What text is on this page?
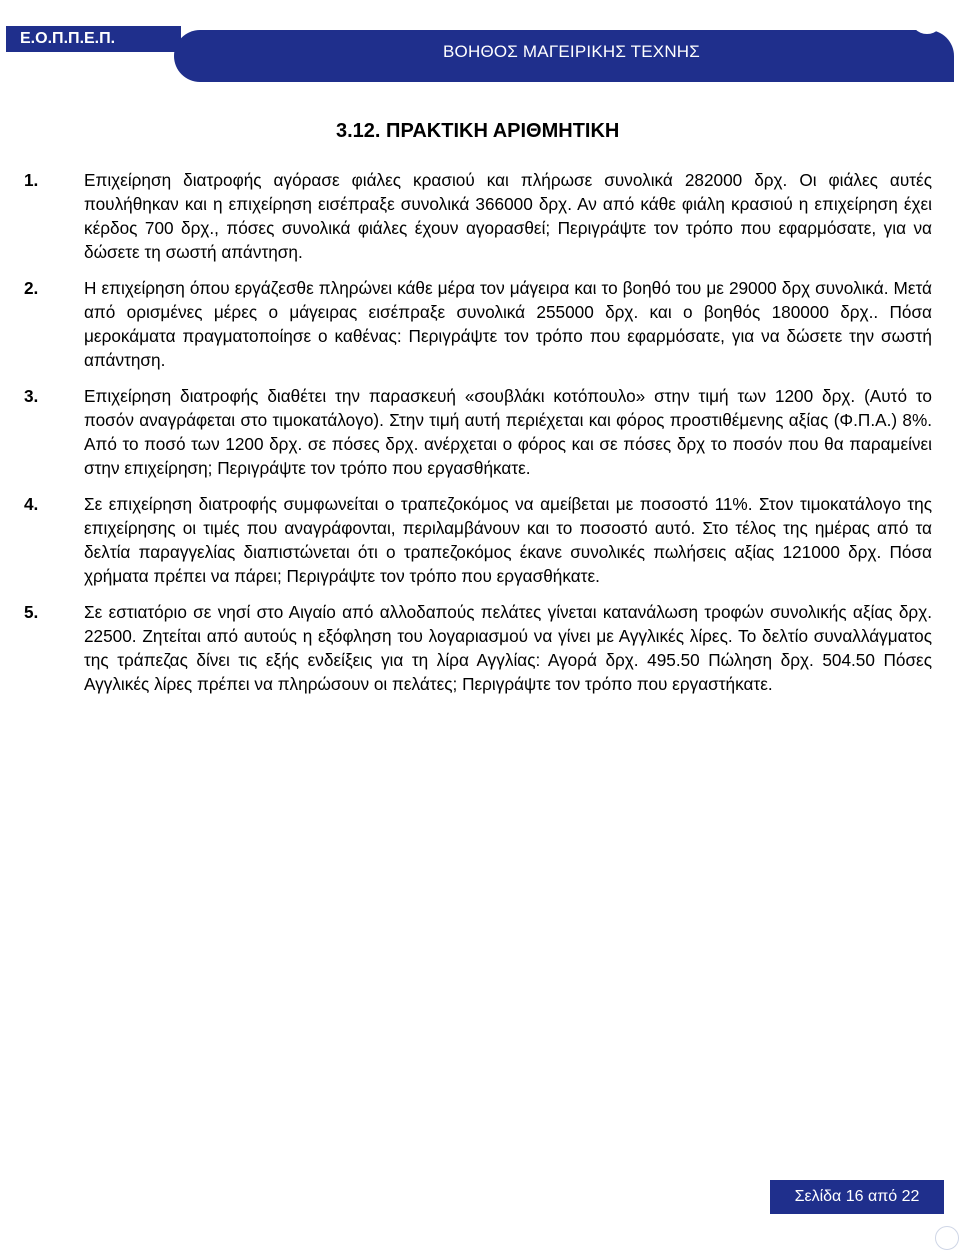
Ε.Ο.Π.Π.Ε.Π.
ΒΟΗΘΟΣ ΜΑΓΕΙΡΙΚΗΣ ΤΕΧΝΗΣ
3.12. ΠΡΑΚΤΙΚΗ ΑΡΙΘΜΗΤΙΚΗ
1.	Επιχείρηση διατροφής αγόρασε φιάλες κρασιού και πλήρωσε συνολικά 282000 δρχ. Οι φιάλες αυτές πουλήθηκαν και η επιχείρηση εισέπραξε συνολικά 366000 δρχ. Αν από κάθε φιάλη κρασιού η επιχείρηση έχει κέρδος 700 δρχ., πόσες συνολικά φιάλες έχουν αγορασθεί; Περιγράψτε τον τρόπο που εφαρμόσατε, για να δώσετε τη σωστή απάντηση.

2.	Η επιχείρηση όπου εργάζεσθε πληρώνει κάθε μέρα τον μάγειρα και το βοηθό του με 29000 δρχ συνολικά. Μετά από ορισμένες μέρες ο μάγειρας εισέπραξε συνολικά 255000 δρχ. και ο βοηθός 180000 δρχ.. Πόσα μεροκάματα πραγματοποίησε ο καθένας: Περιγράψτε τον τρόπο που εφαρμόσατε, για να δώσετε την σωστή απάντηση.

3.	Επιχείρηση διατροφής διαθέτει την παρασκευή «σουβλάκι κοτόπουλο» στην τιμή των 1200 δρχ. (Αυτό το ποσόν αναγράφεται στο τιμοκατάλογο). Στην τιμή αυτή περιέχεται και φόρος προστιθέμενης αξίας (Φ.Π.Α.) 8%. Από το ποσό των 1200 δρχ. σε πόσες δρχ. ανέρχεται ο φόρος και σε πόσες δρχ το ποσόν που θα παραμείνει στην επιχείρηση; Περιγράψτε τον τρόπο που εργασθήκατε.

4.	Σε επιχείρηση διατροφής συμφωνείται ο τραπεζοκόμος να αμείβεται με ποσοστό 11%. Στον τιμοκατάλογο της επιχείρησης οι τιμές που αναγράφονται, περιλαμβάνουν και το ποσοστό αυτό. Στο τέλος της ημέρας από τα δελτία παραγγελίας διαπιστώνεται ότι ο τραπεζοκόμος έκανε συνολικές πωλήσεις αξίας 121000 δρχ. Πόσα χρήματα πρέπει να πάρει; Περιγράψτε τον τρόπο που εργασθήκατε.

5.	Σε εστιατόριο σε νησί στο Αιγαίο από αλλοδαπούς πελάτες γίνεται κατανάλωση τροφών συνολικής αξίας δρχ. 22500. Ζητείται από αυτούς η εξόφληση του λογαριασμού να γίνει με Αγγλικές λίρες. Το δελτίο συναλλάγματος της τράπεζας δίνει τις εξής ενδείξεις για τη λίρα Αγγλίας: Αγορά δρχ. 495.50 Πώληση δρχ. 504.50 Πόσες Αγγλικές λίρες πρέπει να πληρώσουν οι πελάτες; Περιγράψτε τον τρόπο που εργαστήκατε.

Σελίδα 16 από 22
